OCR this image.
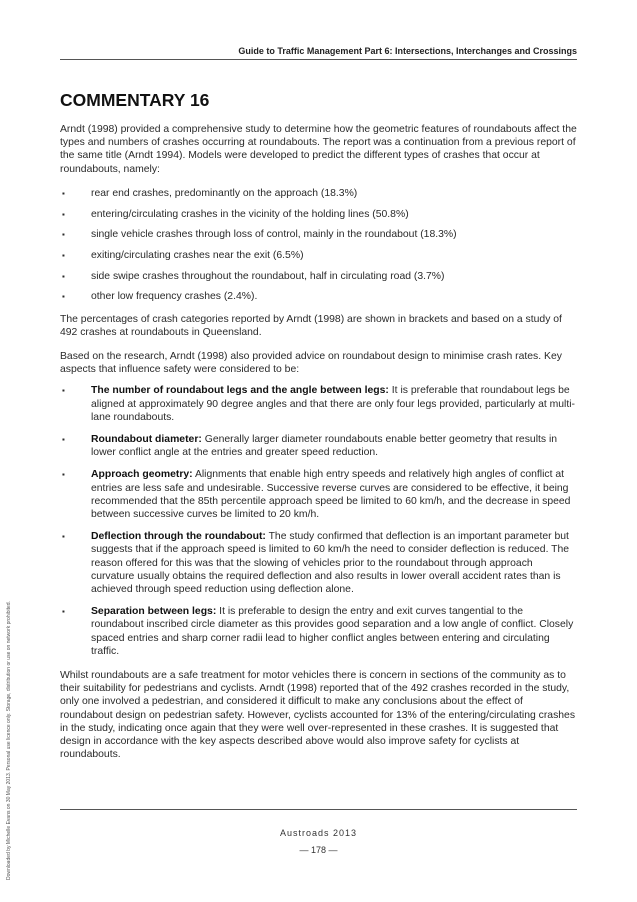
Guide to Traffic Management Part 6: Intersections, Interchanges and Crossings
COMMENTARY 16

Arndt (1998) provided a comprehensive study to determine how the geometric features of roundabouts affect the types and numbers of crashes occurring at roundabouts. The report was a continuation from a previous report of the same title (Arndt 1994). Models were developed to predict the different types of crashes that occur at roundabouts, namely:

▪ rear end crashes, predominantly on the approach (18.3%)
▪ entering/circulating crashes in the vicinity of the holding lines (50.8%)
▪ single vehicle crashes through loss of control, mainly in the roundabout (18.3%)
▪ exiting/circulating crashes near the exit (6.5%)
▪ side swipe crashes throughout the roundabout, half in circulating road (3.7%)
▪ other low frequency crashes (2.4%).

The percentages of crash categories reported by Arndt (1998) are shown in brackets and based on a study of 492 crashes at roundabouts in Queensland.

Based on the research, Arndt (1998) also provided advice on roundabout design to minimise crash rates. Key aspects that influence safety were considered to be:

▪ The number of roundabout legs and the angle between legs: It is preferable that roundabout legs be aligned at approximately 90 degree angles and that there are only four legs provided, particularly at multi-lane roundabouts.
▪ Roundabout diameter: Generally larger diameter roundabouts enable better geometry that results in lower conflict angle at the entries and greater speed reduction.
▪ Approach geometry: Alignments that enable high entry speeds and relatively high angles of conflict at entries are less safe and undesirable. Successive reverse curves are considered to be effective, it being recommended that the 85th percentile approach speed be limited to 60 km/h, and the decrease in speed between successive curves be limited to 20 km/h.
▪ Deflection through the roundabout: The study confirmed that deflection is an important parameter but suggests that if the approach speed is limited to 60 km/h the need to consider deflection is reduced. The reason offered for this was that the slowing of vehicles prior to the roundabout through approach curvature usually obtains the required deflection and also results in lower overall accident rates than is achieved through speed reduction using deflection alone.
▪ Separation between legs: It is preferable to design the entry and exit curves tangential to the roundabout inscribed circle diameter as this provides good separation and a low angle of conflict. Closely spaced entries and sharp corner radii lead to higher conflict angles between entering and circulating traffic.

Whilst roundabouts are a safe treatment for motor vehicles there is concern in sections of the community as to their suitability for pedestrians and cyclists. Arndt (1998) reported that of the 492 crashes recorded in the study, only one involved a pedestrian, and considered it difficult to make any conclusions about the effect of roundabout design on pedestrian safety. However, cyclists accounted for 13% of the entering/circulating crashes in the study, indicating once again that they were well over-represented in these crashes. It is suggested that design in accordance with the key aspects described above would also improve safety for cyclists at roundabouts.

Austroads 2013
— 178 —
Downloaded by Michelle Evans on 30 May 2013. Personal use licence only. Storage, distribution or use on network prohibited.
